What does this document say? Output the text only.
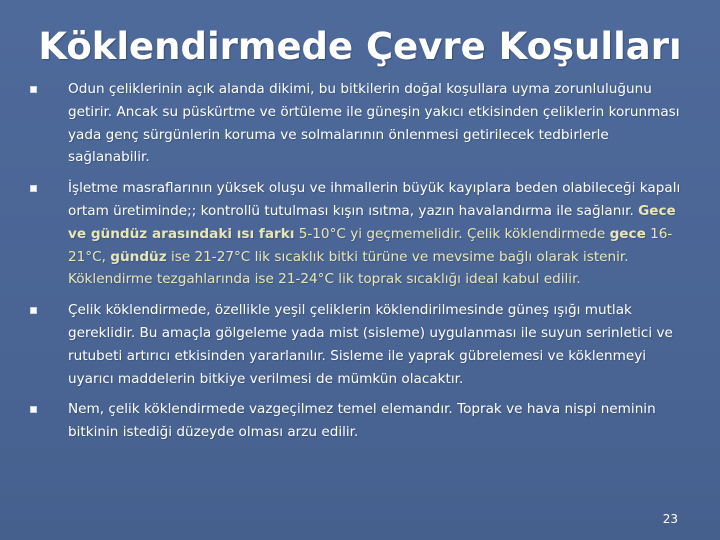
Köklendirmede Çevre Koşulları
Odun çeliklerinin açık alanda dikimi, bu bitkilerin doğal koşullara uyma zorunluluğunu getirir. Ancak su püskürtme ve örtüleme ile güneşin yakıcı etkisinden çeliklerin korunması yada genç sürgünlerin koruma ve solmalarının önlenmesi getirilecek tedbirlerle sağlanabilir.
İşletme masraflarının yüksek oluşu ve ihmallerin büyük kayıplara beden olabileceği kapalı ortam üretiminde;; kontrollü tutulması kışın ısıtma, yazın havalandırma ile sağlanır. Gece ve gündüz arasındaki ısı farkı 5-10°C yi geçmemelidir. Çelik köklendirmede gece 16-21°C, gündüz ise 21-27°C lik sıcaklık bitki türüne ve mevsime bağlı olarak istenir. Köklendirme tezgahlarında ise 21-24°C lik toprak sıcaklığı ideal kabul edilir.
Çelik köklendirmede, özellikle yeşil çeliklerin köklendirilmesinde güneş ışığı mutlak gereklidir. Bu amaçla gölgeleme yada mist (sisleme) uygulanması ile suyun serinletici ve rutubeti artırıcı etkisinden yararlanılır. Sisleme ile yaprak gübrelemesi ve köklenmeyi uyarıcı maddelerin bitkiye verilmesi de mümkün olacaktır.
Nem, çelik köklendirmede vazgeçilmez temel elemandır. Toprak ve hava nispi neminin bitkinin istediği düzeyde olması arzu edilir.
23
